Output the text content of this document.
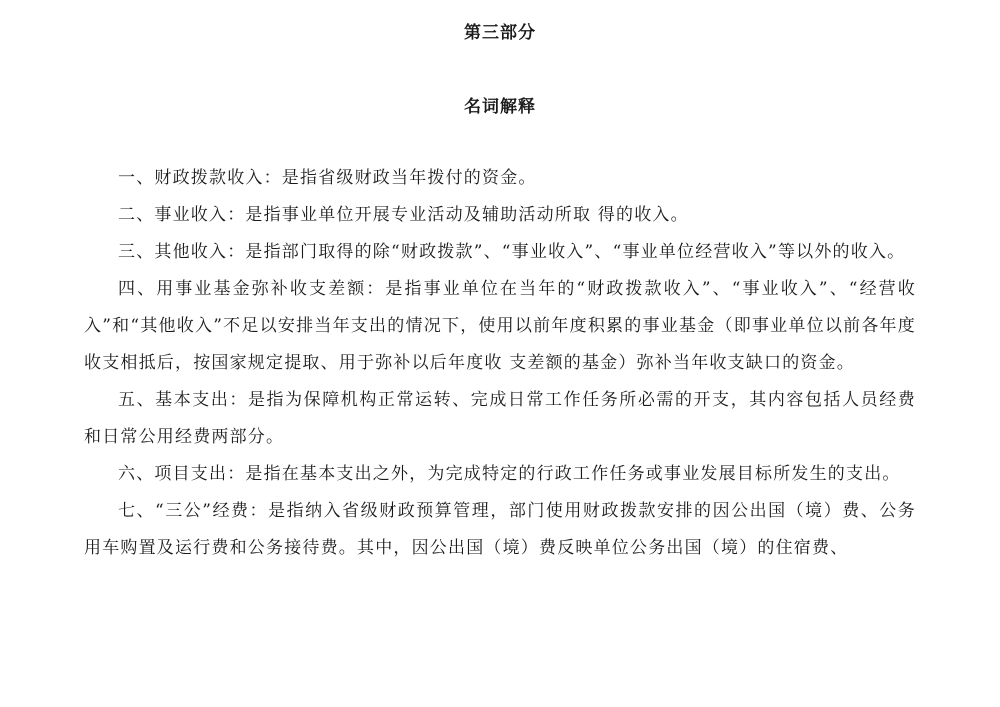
第三部分
名词解释

一、财政拨款收入：是指省级财政当年拨付的资金。

二、事业收入：是指事业单位开展专业活动及辅助活动所取 得的收入。

三、其他收入：是指部门取得的除“财政拨款”、“事业收入”、“事业单位经营收入”等以外的收入。

四、用事业基金弥补收支差额：是指事业单位在当年的“财政拨款收入”、“事业收入”、“经营收入”和“其他收入”不足以安排当年支出的情况下，使用以前年度积累的事业基金（即事业单位以前各年度收支相抵后，按国家规定提取、用于弥补以后年度收 支差额的基金）弥补当年收支缺口的资金。

五、基本支出：是指为保障机构正常运转、完成日常工作任务所必需的开支，其内容包括人员经费和日常公用经费两部分。

六、项目支出：是指在基本支出之外，为完成特定的行政工作任务或事业发展目标所发生的支出。

七、“三公”经费：是指纳入省级财政预算管理，部门使用财政拨款安排的因公出国（境）费、公务用车购置及运行费和公务接待费。其中，因公出国（境）费反映单位公务出国（境）的住宿费、
